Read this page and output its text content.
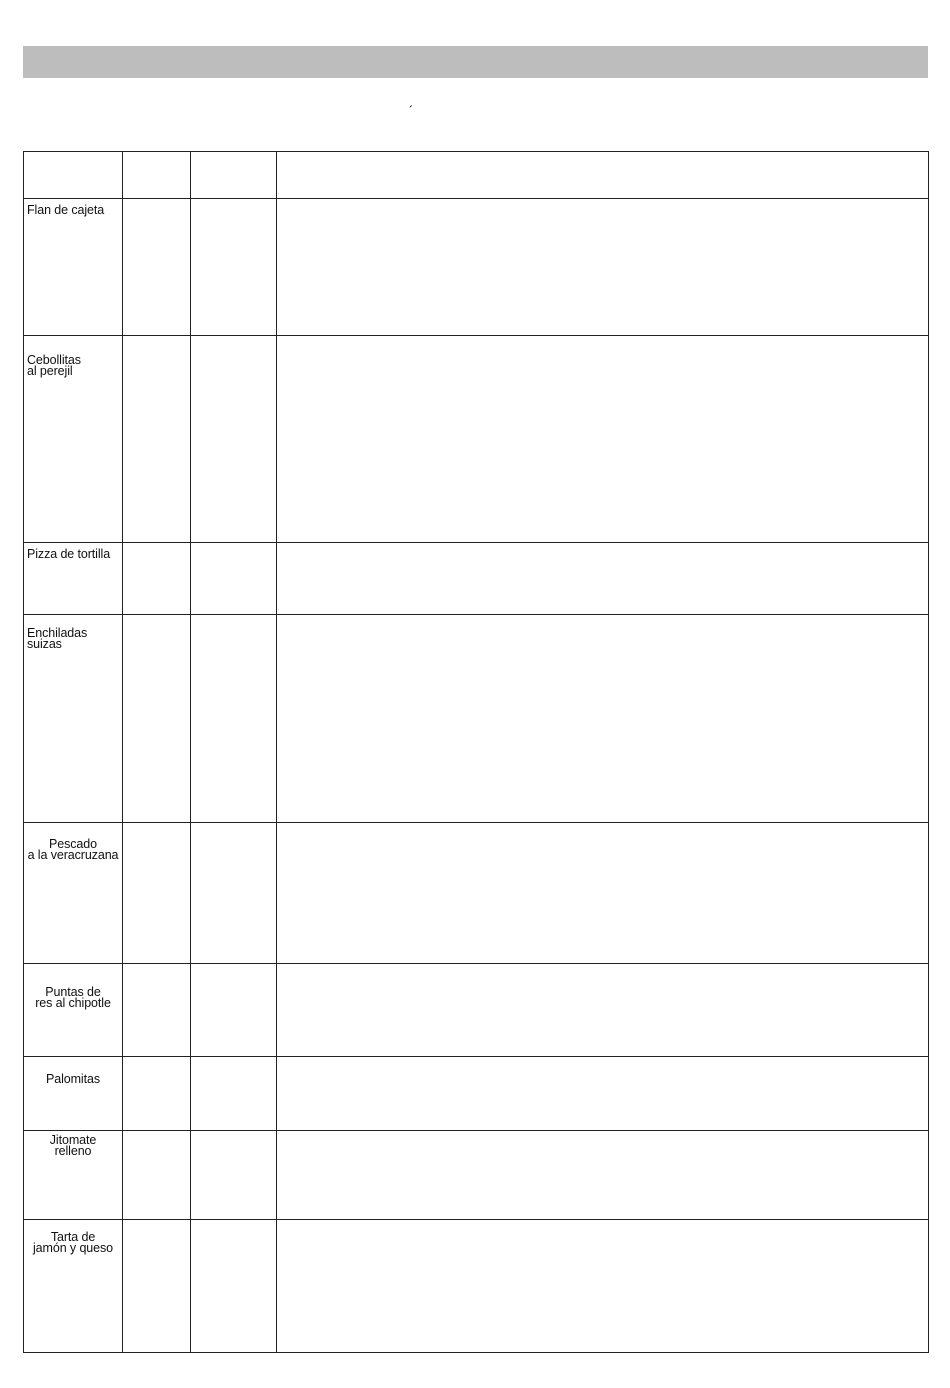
´

Flan de cajeta			

Cebollitas
al perejil			

Pizza de tortilla			

Enchiladas
suizas			

Pescado
a la veracruzana			

Puntas de
res al chipotle			

Palomitas			

Jitomate
relleno			

Tarta de
jamón y queso			
